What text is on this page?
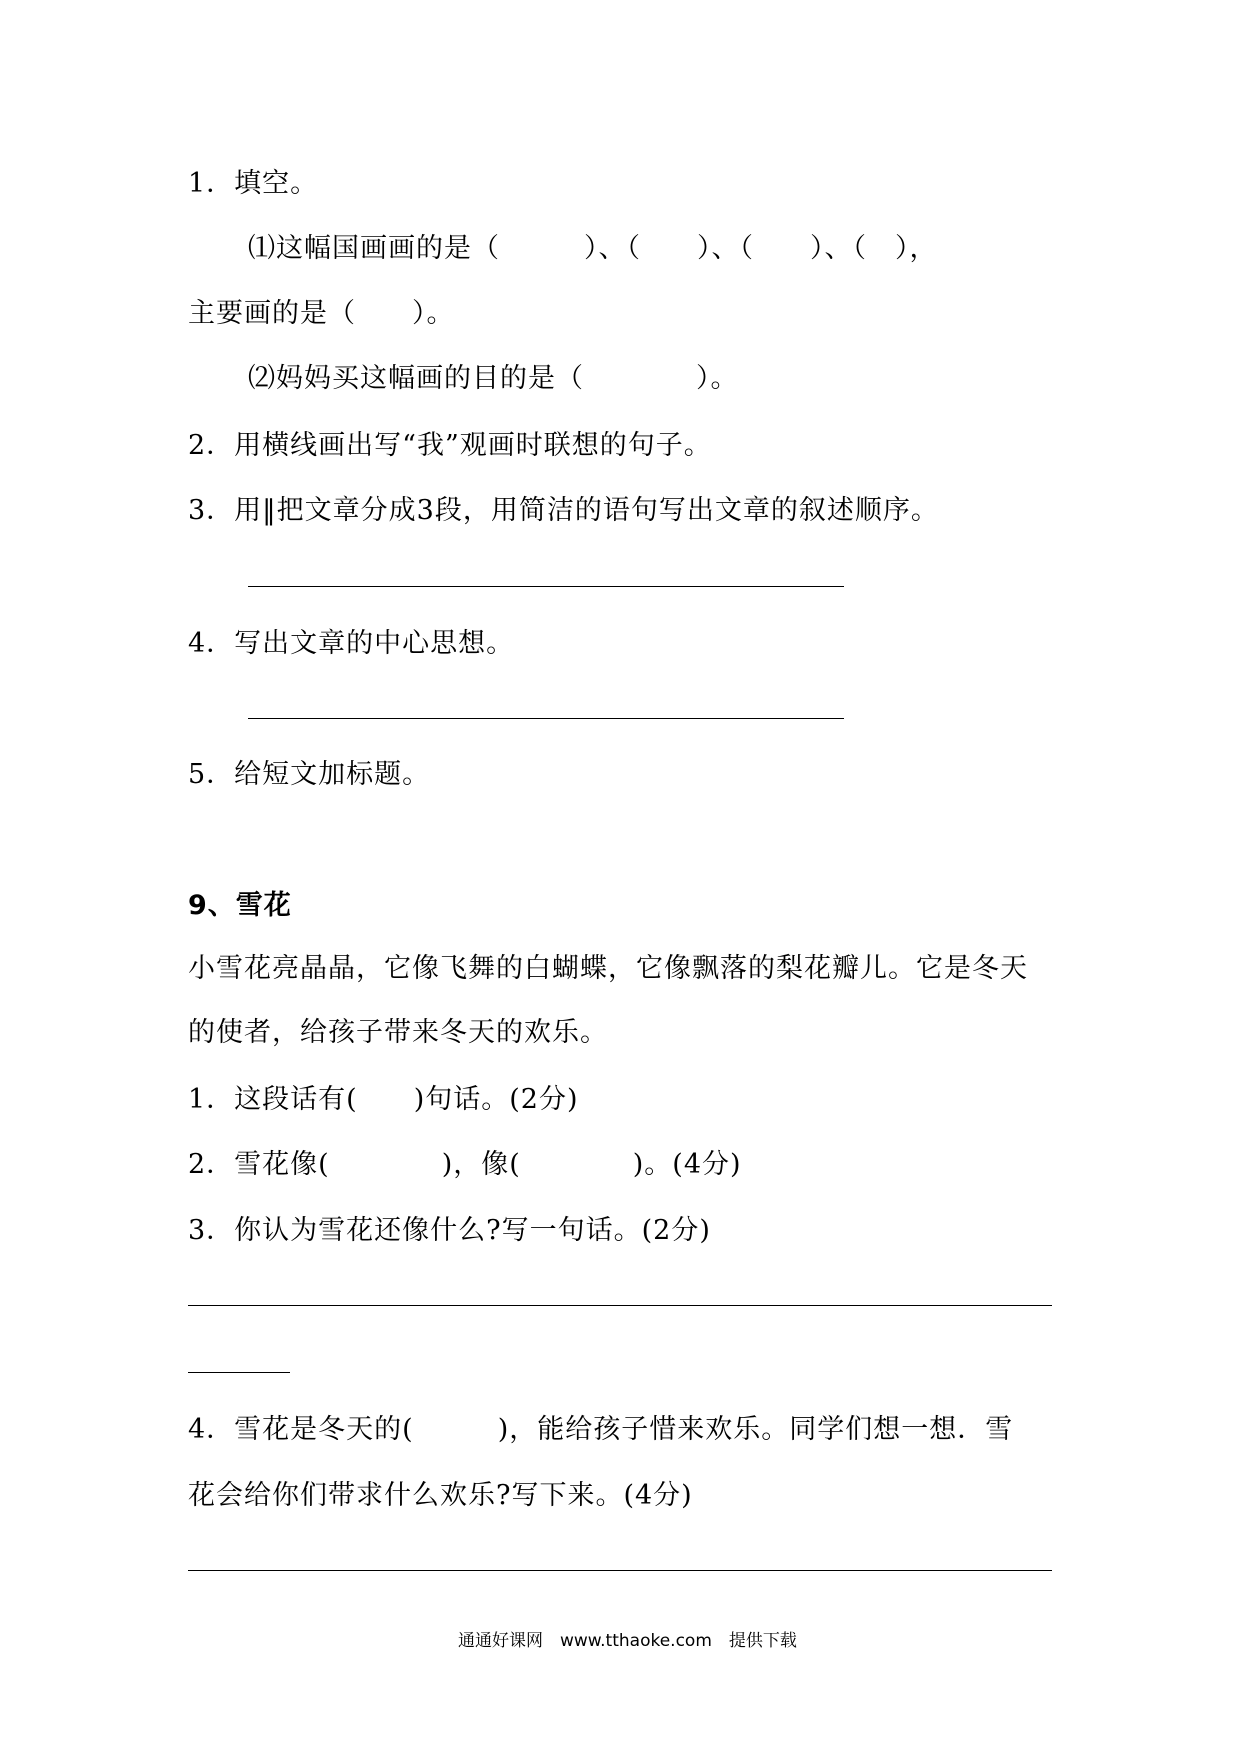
1．填空。
⑴这幅国画画的是（　　　）、（　　）、（　　）、（　），
主要画的是（　　）。
⑵妈妈买这幅画的目的是（　　　　）。
2．用横线画出写“我”观画时联想的句子。
3．用‖把文章分成3段，用简洁的语句写出文章的叙述顺序。
4．写出文章的中心思想。
5．给短文加标题。
9、雪花
小雪花亮晶晶，它像飞舞的白蝴蝶，它像飘落的梨花瓣儿。它是冬天
的使者，给孩子带来冬天的欢乐。
1．这段话有(　　)句话。(2分)
2．雪花像(　　　　)，像(　　　　)。(4分)
3．你认为雪花还像什么?写一句话。(2分)
4．雪花是冬天的(　　　)，能给孩子惜来欢乐。同学们想一想．雪
花会给你们带求什么欢乐?写下来。(4分)
通通好课网　www.tthaoke.com　提供下载
